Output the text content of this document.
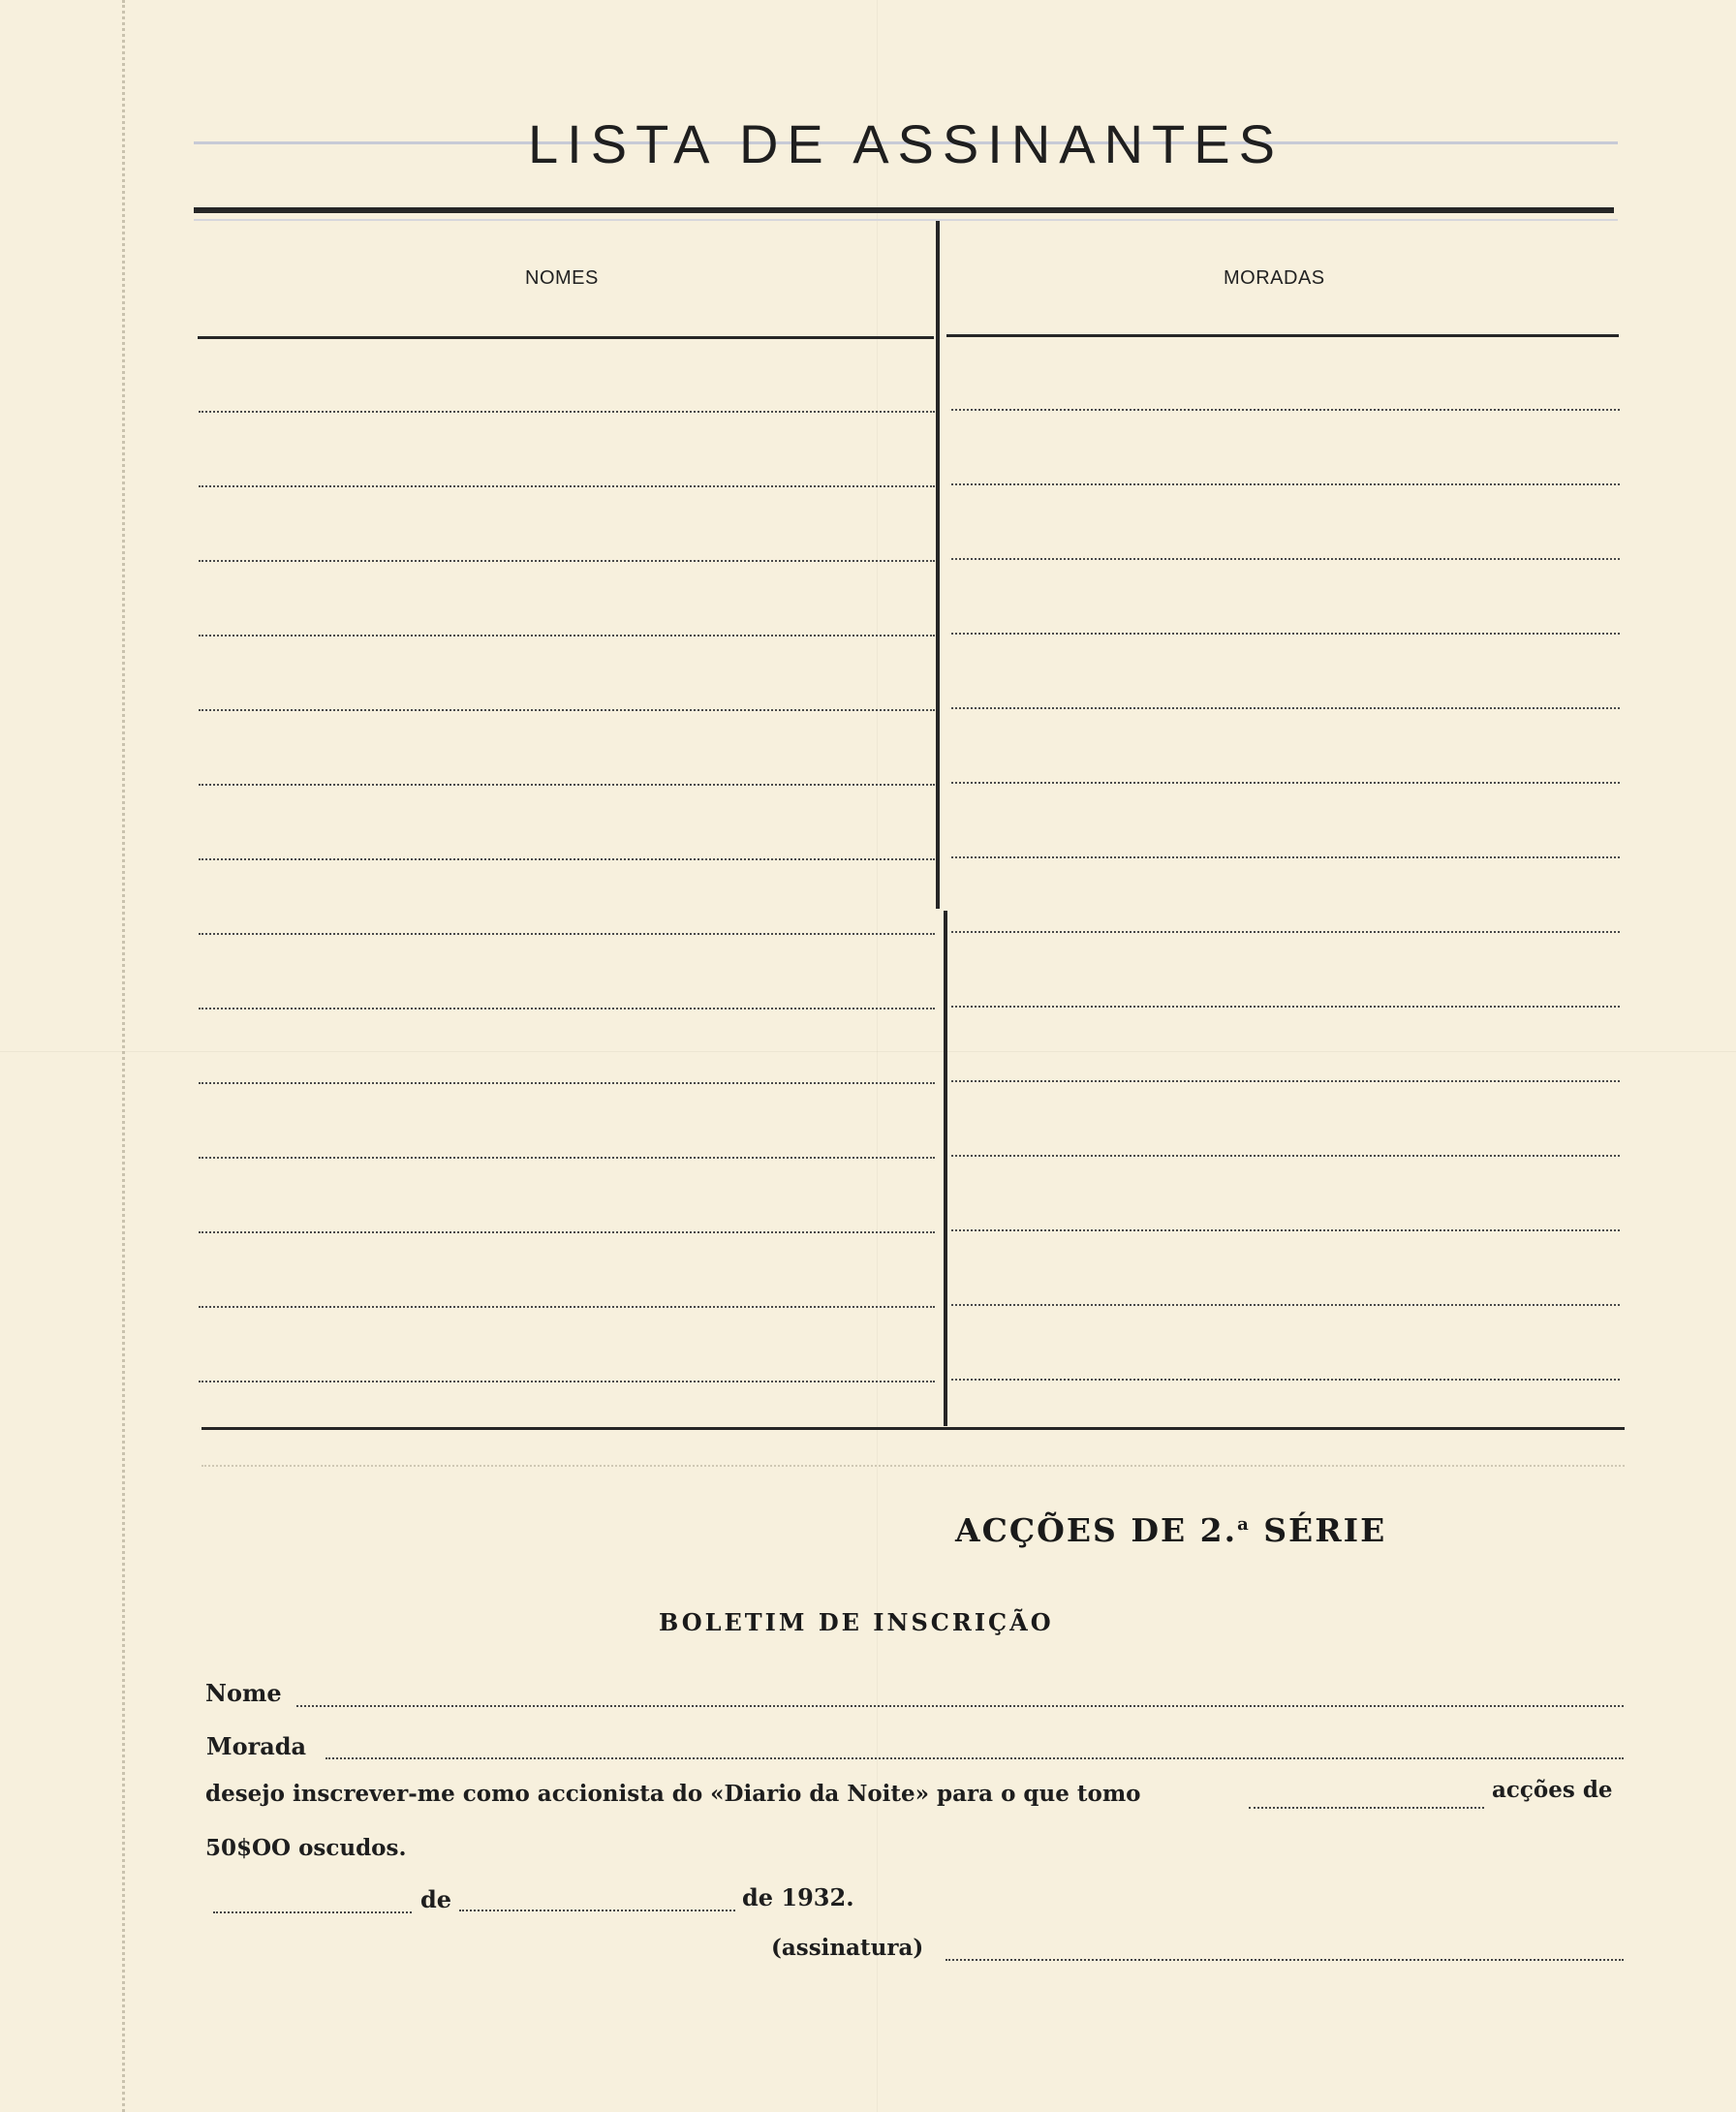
LISTA DE ASSINANTES
NOMES	MORADAS
ACÇÕES DE 2.$^a$ SÉRIE
BOLETIM DE INSCRIÇÃO
Nome
Morada
desejo inscrever-me como accionista do «Diario da Noite» para o que tomo	acções de
50$OO oscudos.
de	de 1932.
(assinatura)
